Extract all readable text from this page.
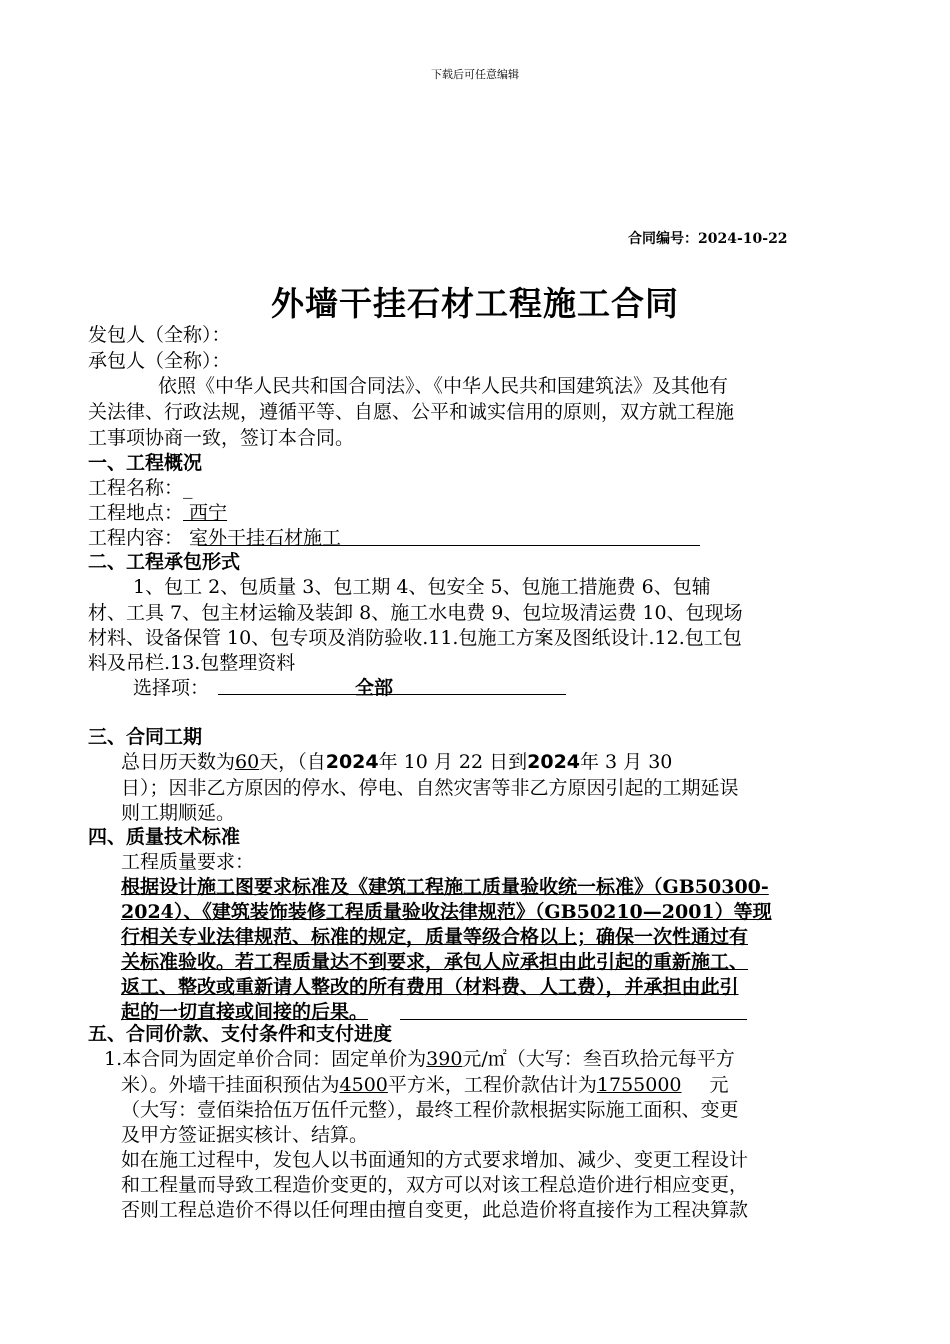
下载后可任意编辑
合同编号：2024-10-22
外墙干挂石材工程施工合同
发包人（全称）：
承包人（全称）：
依照《中华人民共和国合同法》、《中华人民共和国建筑法》及其他有
关法律、行政法规，遵循平等、自愿、公平和诚实信用的原则，双方就工程施
工事项协商一致，签订本合同。
一、工程概况
工程名称：_
工程地点： 西宁
工程内容： 室外干挂石材施工
二、工程承包形式
1、包工 2、包质量 3、包工期 4、包安全 5、包施工措施费 6、包辅
材、工具 7、包主材运输及装卸 8、施工水电费 9、包垃圾清运费 10、包现场
材料、设备保管 10、包专项及消防验收.11.包施工方案及图纸设计.12.包工包
料及吊栏.13.包整理资料
选择项：	全部
三、合同工期
总日历天数为60天，（自2024年 10 月 22 日到2024年 3 月 30
日）；因非乙方原因的停水、停电、自然灾害等非乙方原因引起的工期延误
则工期顺延。
四、质量技术标准
工程质量要求：
根据设计施工图要求标准及《建筑工程施工质量验收统一标准》（GB50300-
2024）、《建筑装饰装修工程质量验收法律规范》（GB50210—2001）等现
行相关专业法律规范、标准的规定，质量等级合格以上；确保一次性通过有
关标准验收。若工程质量达不到要求，承包人应承担由此引起的重新施工、
返工、整改或重新请人整改的所有费用（材料费、人工费），并承担由此引
起的一切直接或间接的后果。
五、合同价款、支付条件和支付进度
1.本合同为固定单价合同：固定单价为390元/㎡（大写：叁百玖拾元每平方
米）。外墙干挂面积预估为4500平方米，工程价款估计为1755000 元
（大写：壹佰柒拾伍万伍仟元整），最终工程价款根据实际施工面积、变更
及甲方签证据实核计、结算。
如在施工过程中，发包人以书面通知的方式要求增加、减少、变更工程设计
和工程量而导致工程造价变更的，双方可以对该工程总造价进行相应变更，
否则工程总造价不得以任何理由擅自变更，此总造价将直接作为工程决算款
